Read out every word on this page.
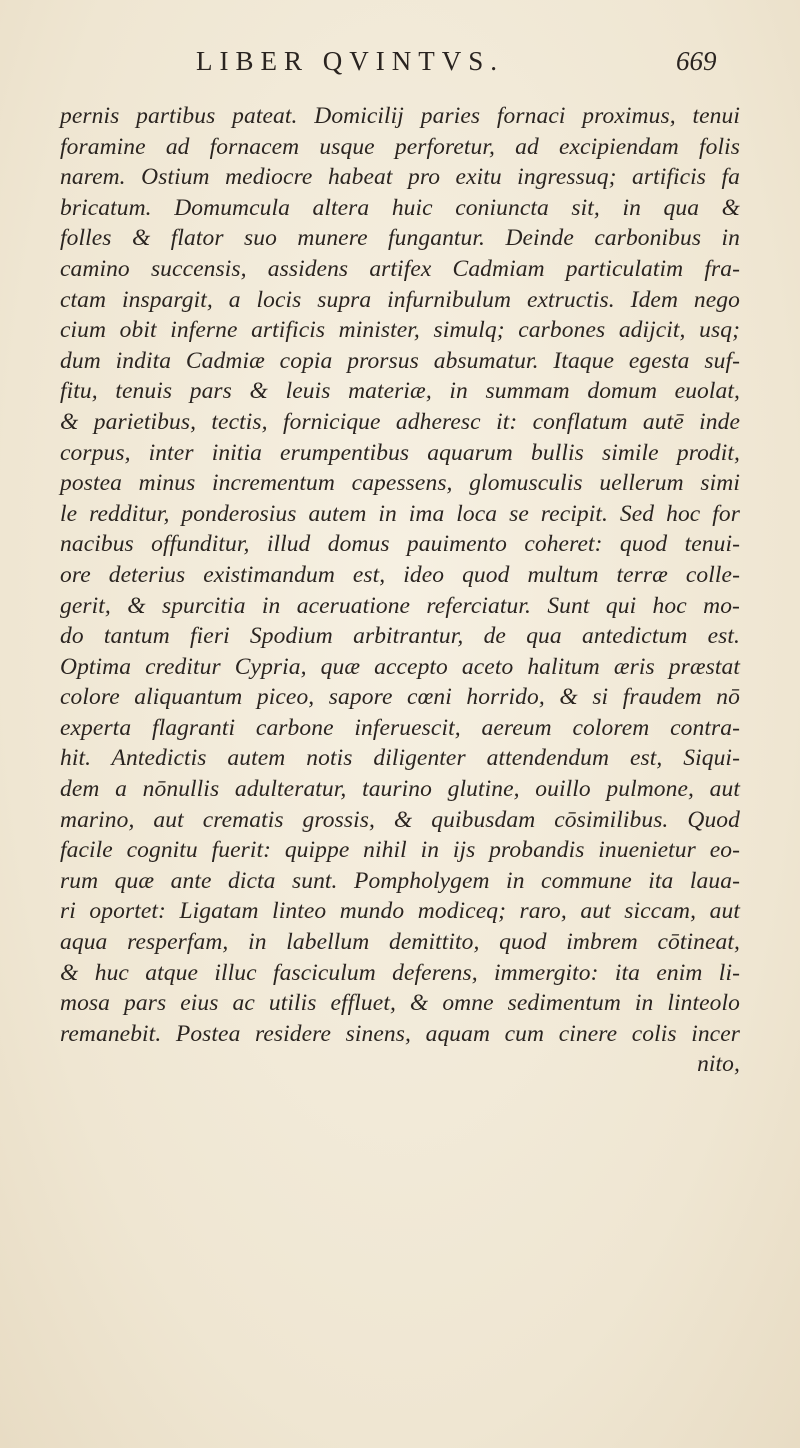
LIBER QVINTVS.	669
pernis partibus pateat. Domicilij paries fornaci proximus, tenui
foramine ad fornacem usque perforetur, ad excipiendam folis
narem. Ostium mediocre habeat pro exitu ingressuq; artificis fa
bricatum. Domumcula altera huic coniuncta sit, in qua &
folles & flator suo munere fungantur. Deinde carbonibus in
camino succensis, assidens artifex Cadmiam particulatim fra-
ctam inspargit, a locis supra infurnibulum extructis. Idem nego
cium obit inferne artificis minister, simulq; carbones adijcit, usq;
dum indita Cadmiæ copia prorsus absumatur. Itaque egesta suf-
fitu, tenuis pars & leuis materiæ, in summam domum euolat,
& parietibus, tectis, fornicique adheresc it: conflatum autē inde
corpus, inter initia erumpentibus aquarum bullis simile prodit,
postea minus incrementum capessens, glomusculis uellerum simi
le redditur, ponderosius autem in ima loca se recipit. Sed hoc for
nacibus offunditur, illud domus pauimento coheret: quod tenui-
ore deterius existimandum est, ideo quod multum terræ colle-
gerit, & spurcitia in aceruatione referciatur. Sunt qui hoc mo-
do tantum fieri Spodium arbitrantur, de qua antedictum est.
Optima creditur Cypria, quæ accepto aceto halitum æris præstat
colore aliquantum piceo, sapore cœni horrido, & si fraudem nō
experta flagranti carbone inferuescit, aereum colorem contra-
hit. Antedictis autem notis diligenter attendendum est, Siqui-
dem a nōnullis adulteratur, taurino glutine, ouillo pulmone, aut
marino, aut crematis grossis, & quibusdam cōsimilibus. Quod
facile cognitu fuerit: quippe nihil in ijs probandis inuenietur eo-
rum quæ ante dicta sunt. Pompholygem in commune ita laua-
ri oportet: Ligatam linteo mundo modiceq; raro, aut siccam, aut
aqua resperfam, in labellum demittito, quod imbrem cōtineat,
& huc atque illuc fasciculum deferens, immergito: ita enim li-
mosa pars eius ac utilis effluet, & omne sedimentum in linteolo
remanebit. Postea residere sinens, aquam cum cinere colis incer
nito,
